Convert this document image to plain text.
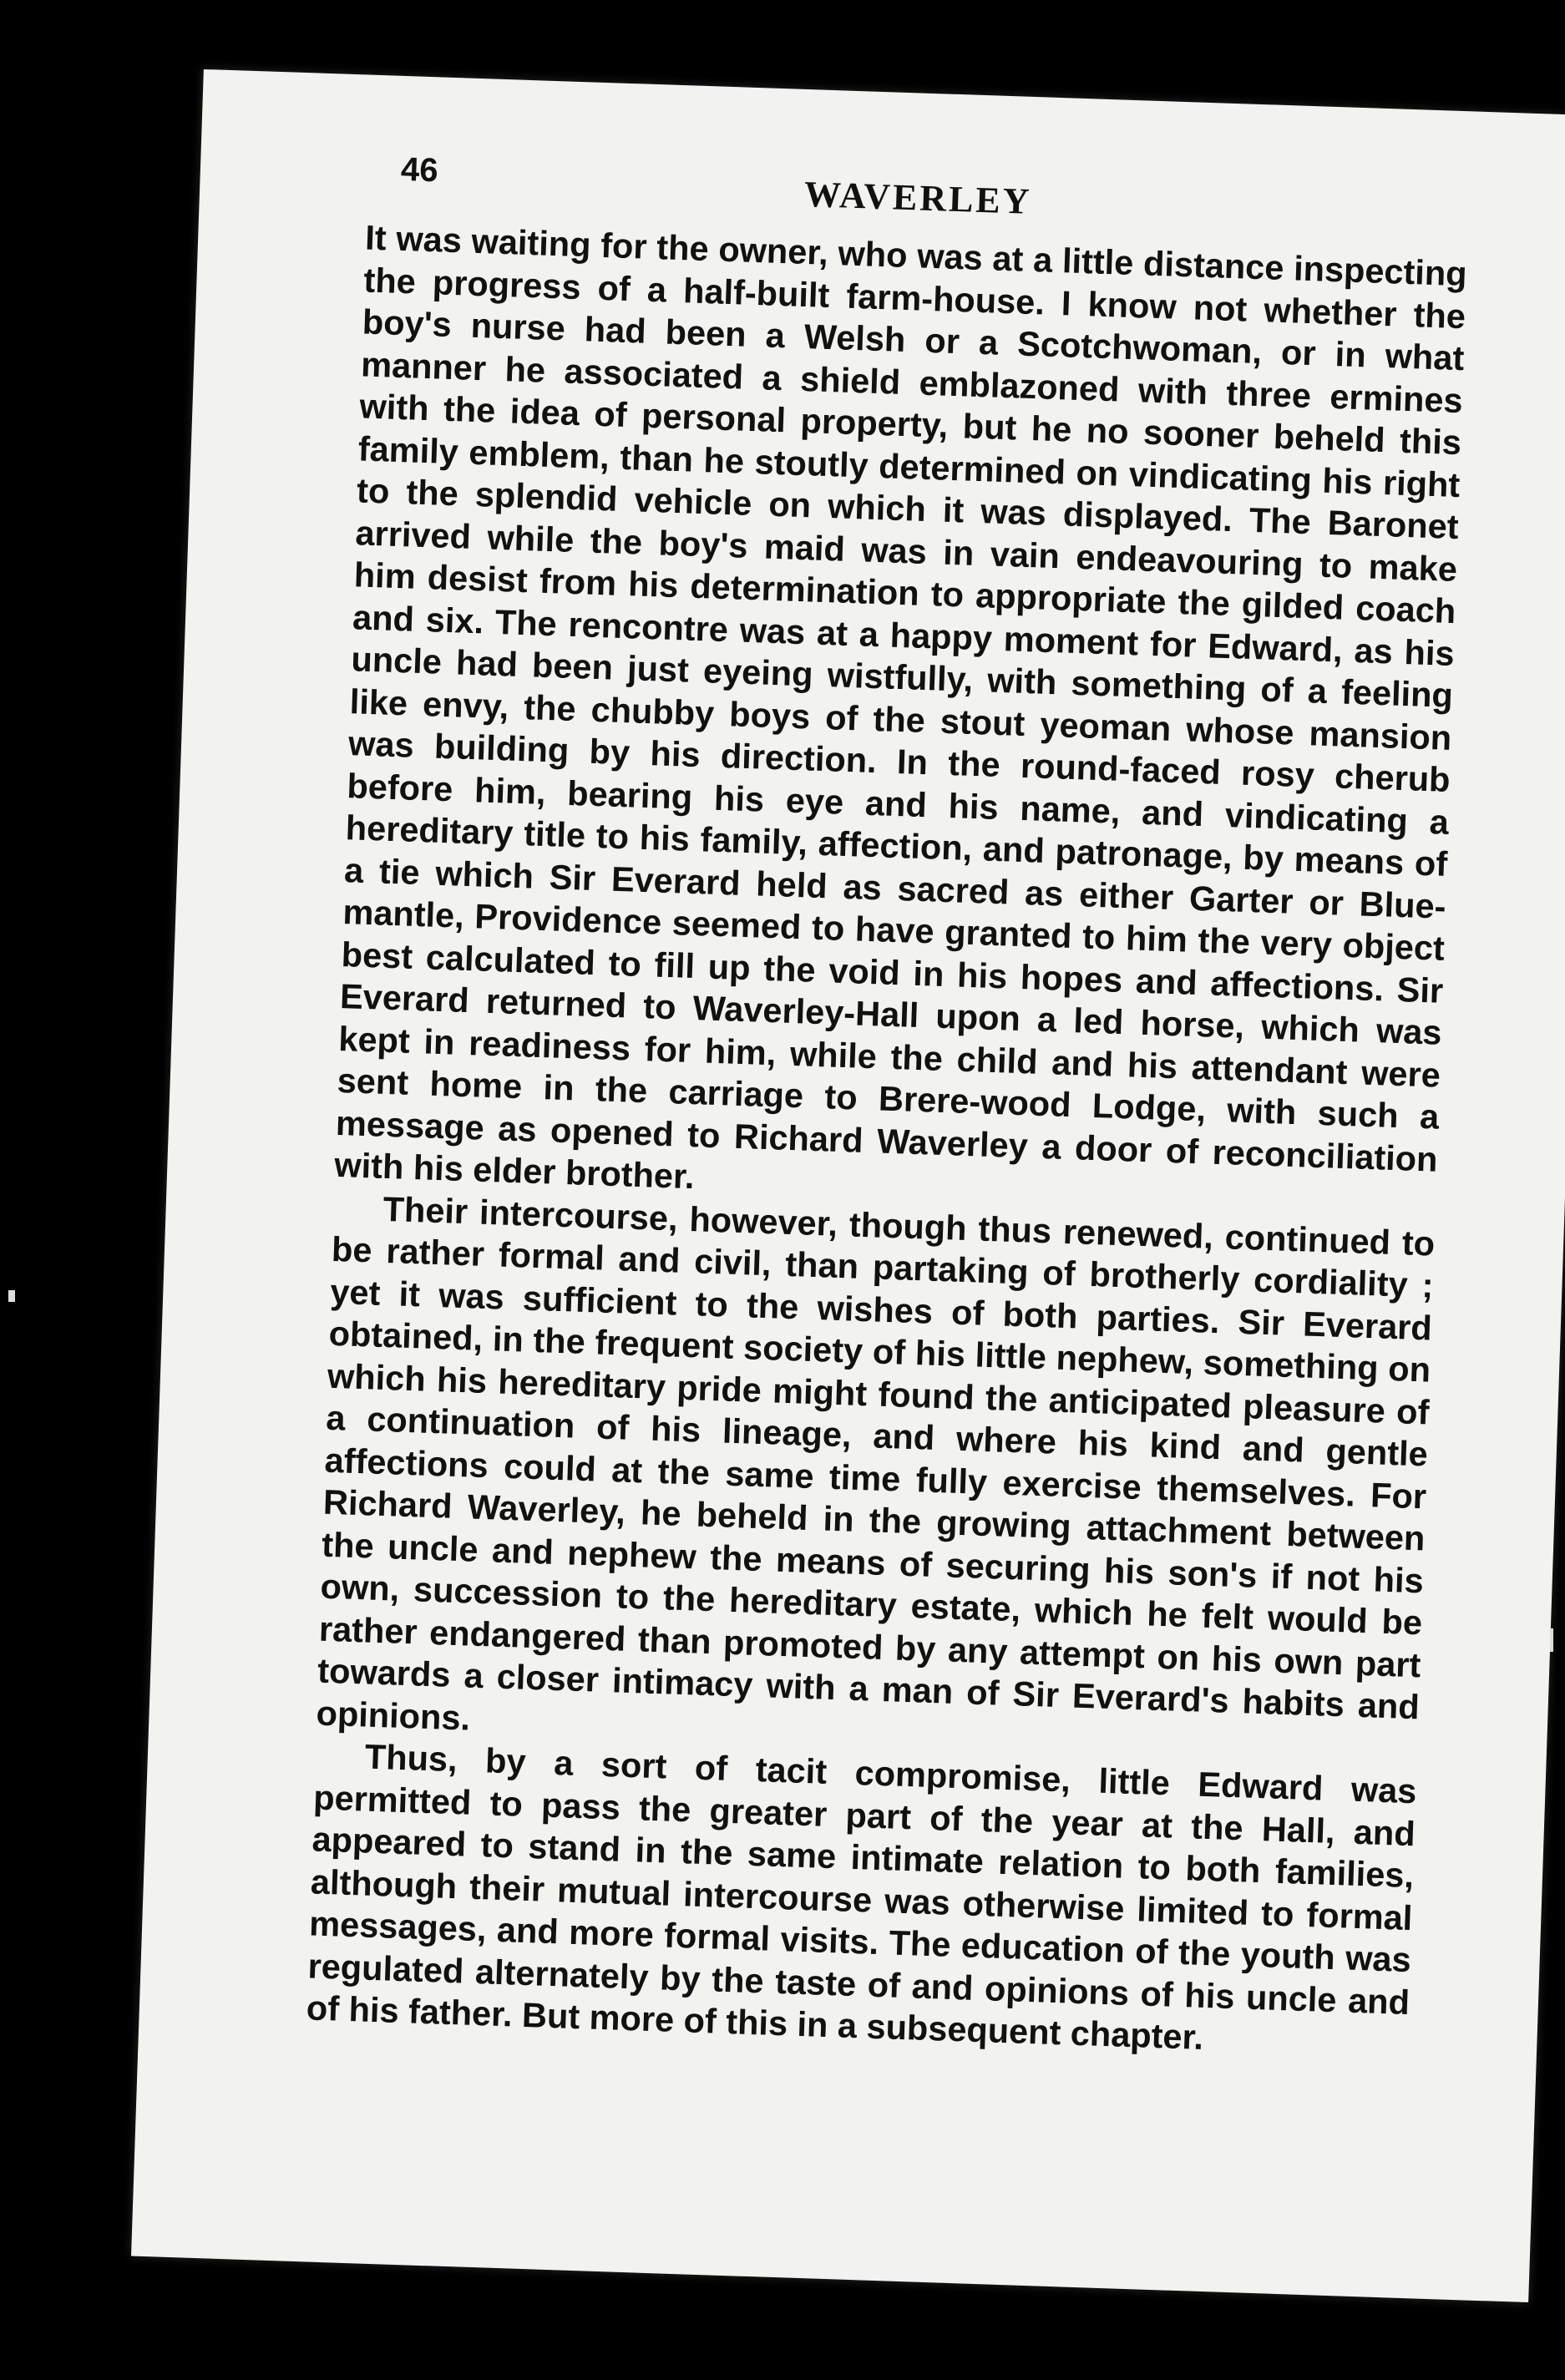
46
WAVERLEY

It was waiting for the owner, who was at a little distance inspecting the progress of a half-built farm-house. I know not whether the boy's nurse had been a Welsh or a Scotchwoman, or in what manner he associated a shield emblazoned with three ermines with the idea of personal property, but he no sooner beheld this family emblem, than he stoutly determined on vindicating his right to the splendid vehicle on which it was displayed. The Baronet arrived while the boy's maid was in vain endeavouring to make him desist from his determination to appropriate the gilded coach and six. The rencontre was at a happy moment for Edward, as his uncle had been just eyeing wistfully, with something of a feeling like envy, the chubby boys of the stout yeoman whose mansion was building by his direction. In the round-faced rosy cherub before him, bearing his eye and his name, and vindicating a hereditary title to his family, affection, and patronage, by means of a tie which Sir Everard held as sacred as either Garter or Blue-mantle, Providence seemed to have granted to him the very object best calculated to fill up the void in his hopes and affections. Sir Everard returned to Waverley-Hall upon a led horse, which was kept in readiness for him, while the child and his attendant were sent home in the carriage to Brere-wood Lodge, with such a message as opened to Richard Waverley a door of reconciliation with his elder brother.

Their intercourse, however, though thus renewed, continued to be rather formal and civil, than partaking of brotherly cordiality ; yet it was sufficient to the wishes of both parties. Sir Everard obtained, in the frequent society of his little nephew, something on which his hereditary pride might found the anticipated pleasure of a continuation of his lineage, and where his kind and gentle affections could at the same time fully exercise themselves. For Richard Waverley, he beheld in the growing attachment between the uncle and nephew the means of securing his son's if not his own, succession to the hereditary estate, which he felt would be rather endangered than promoted by any attempt on his own part towards a closer intimacy with a man of Sir Everard's habits and opinions.

Thus, by a sort of tacit compromise, little Edward was permitted to pass the greater part of the year at the Hall, and appeared to stand in the same intimate relation to both families, although their mutual intercourse was otherwise limited to formal messages, and more formal visits. The education of the youth was regulated alternately by the taste of and opinions of his uncle and of his father. But more of this in a subsequent chapter.
